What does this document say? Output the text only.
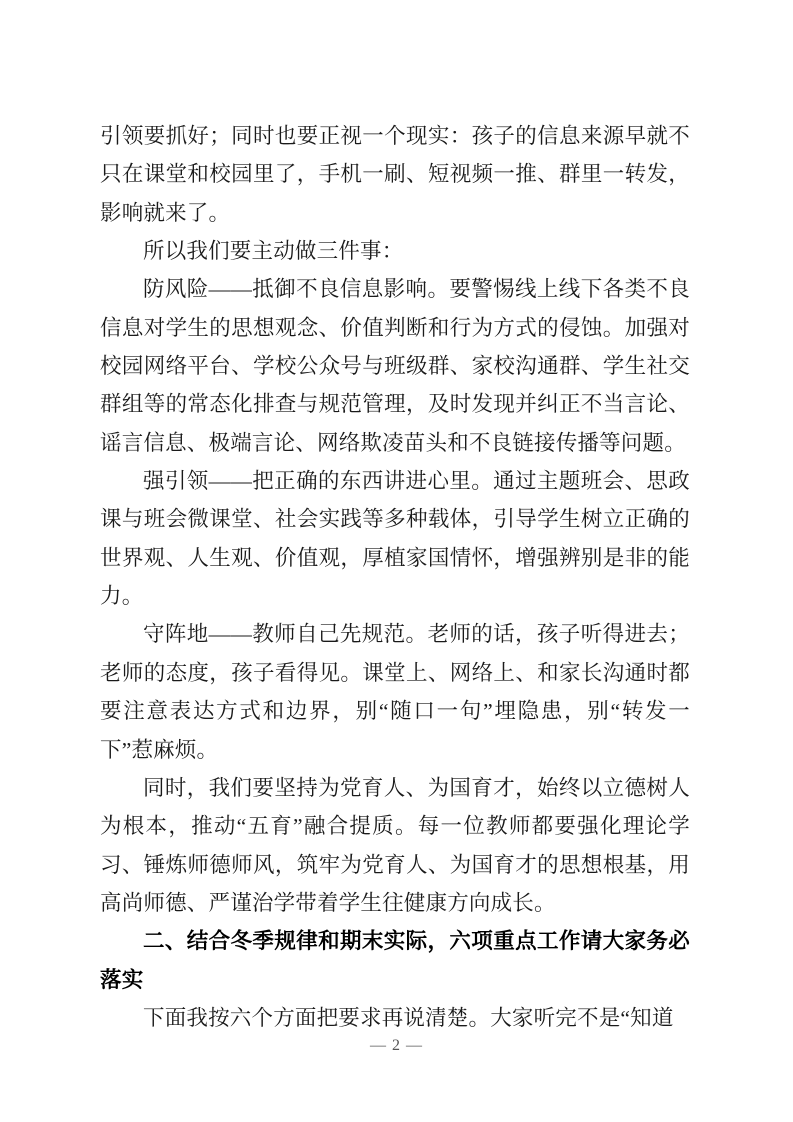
引领要抓好；同时也要正视一个现实：孩子的信息来源早就不只在课堂和校园里了，手机一刷、短视频一推、群里一转发，影响就来了。

所以我们要主动做三件事：

防风险——抵御不良信息影响。要警惕线上线下各类不良信息对学生的思想观念、价值判断和行为方式的侵蚀。加强对校园网络平台、学校公众号与班级群、家校沟通群、学生社交群组等的常态化排查与规范管理，及时发现并纠正不当言论、谣言信息、极端言论、网络欺凌苗头和不良链接传播等问题。

强引领——把正确的东西讲进心里。通过主题班会、思政课与班会微课堂、社会实践等多种载体，引导学生树立正确的世界观、人生观、价值观，厚植家国情怀，增强辨别是非的能力。

守阵地——教师自己先规范。老师的话，孩子听得进去；老师的态度，孩子看得见。课堂上、网络上、和家长沟通时都要注意表达方式和边界，别“随口一句”埋隐患，别“转发一下”惹麻烦。

同时，我们要坚持为党育人、为国育才，始终以立德树人为根本，推动“五育”融合提质。每一位教师都要强化理论学习、锤炼师德师风，筑牢为党育人、为国育才的思想根基，用高尚师德、严谨治学带着学生往健康方向成长。

二、结合冬季规律和期末实际，六项重点工作请大家务必落实

下面我按六个方面把要求再说清楚。大家听完不是“知道

— 2 —
